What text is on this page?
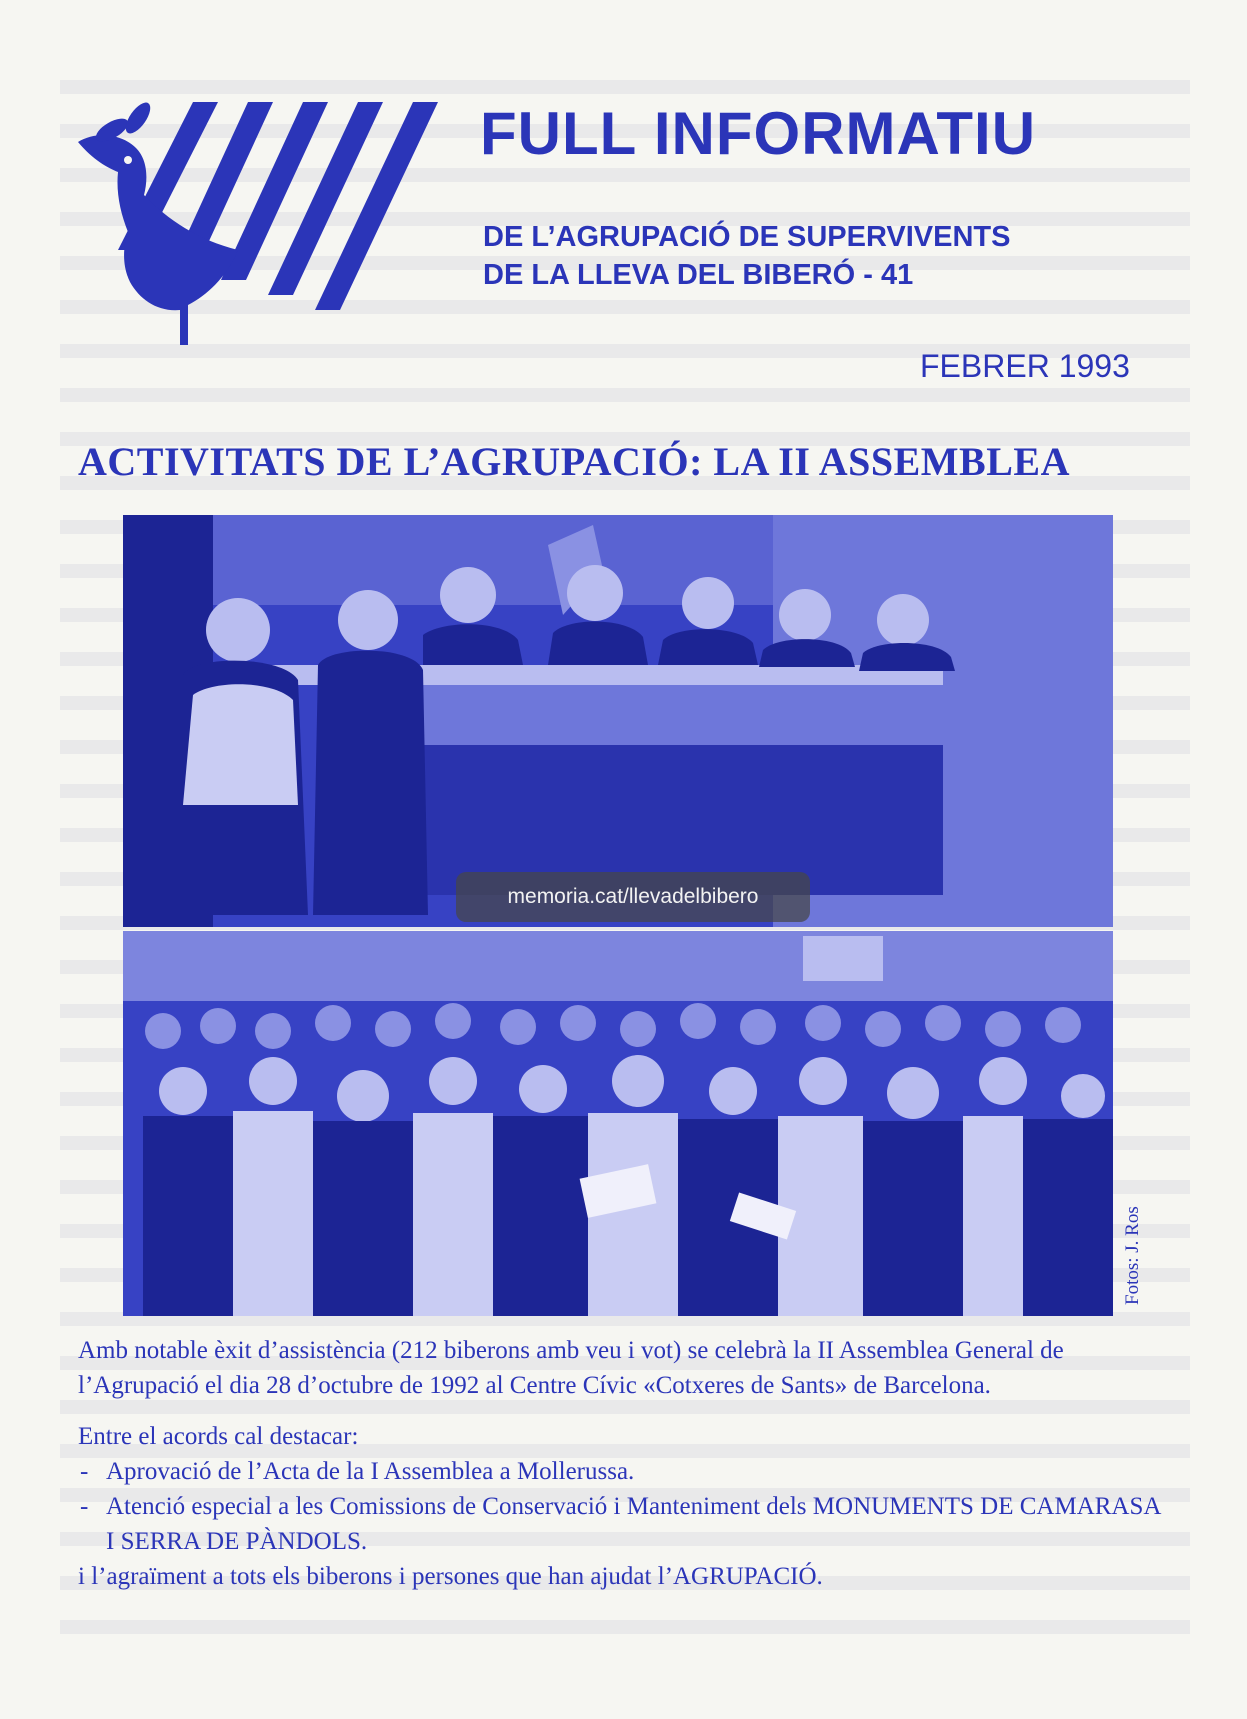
FULL INFORMATIU
DE L’AGRUPACIÓ DE SUPERVIVENTS
DE LA LLEVA DEL BIBERÓ - 41
FEBRER 1993
ACTIVITATS DE L’AGRUPACIÓ: LA II ASSEMBLEA
Fotos: J. Ros
memoria.cat/llevadelbibero

Amb notable èxit d’assistència (212 biberons amb veu i vot) se celebrà la II Assemblea General de l’Agrupació el dia 28 d’octubre de 1992 al Centre Cívic «Cotxeres de Sants» de Barcelona.

Entre el acords cal destacar:

- Aprovació de l’Acta de la I Assemblea a Mollerussa.
- Atenció especial a les Comissions de Conservació i Manteniment dels MONUMENTS DE CAMARASA I SERRA DE PÀNDOLS.

i l’agraïment a tots els biberons i persones que han ajudat l’AGRUPACIÓ.
